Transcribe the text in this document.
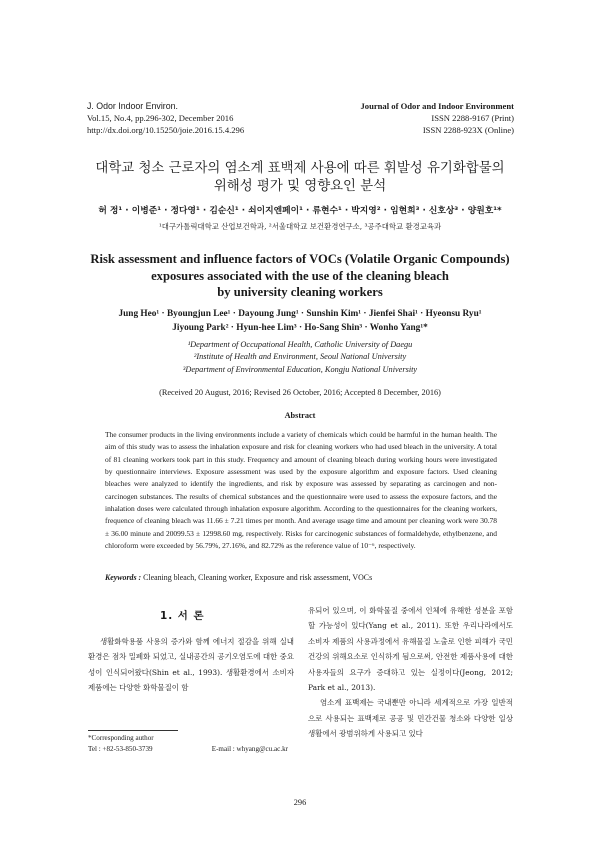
J. Odor Indoor Environ.
Vol.15, No.4, pp.296-302, December 2016
http://dx.doi.org/10.15250/joie.2016.15.4.296
Journal of Odor and Indoor Environment
ISSN 2288-9167 (Print)
ISSN 2288-923X (Online)
대학교 청소 근로자의 염소계 표백제 사용에 따른 휘발성 유기화합물의
위해성 평가 및 영향요인 분석
허 정¹ · 이병준¹ · 정다영¹ · 김순신¹ · 쇠이지엔페이¹ · 류현수¹ · 박지영² · 임현희³ · 신호상³ · 양원호¹*
¹대구가톨릭대학교 산업보건학과, ²서울대학교 보건환경연구소, ³공주대학교 환경교육과
Risk assessment and influence factors of VOCs (Volatile Organic Compounds)
exposures associated with the use of the cleaning bleach
by university cleaning workers
Jung Heo¹ · Byoungjun Lee¹ · Dayoung Jung¹ · Sunshin Kim¹ · Jienfei Shai¹ · Hyeonsu Ryu¹
Jiyoung Park² · Hyun-hee Lim³ · Ho-Sang Shin³ · Wonho Yang¹*
¹Department of Occupational Health, Catholic University of Daegu
²Institute of Health and Environment, Seoul National University
³Department of Environmental Education, Kongju National University
(Received 20 August, 2016; Revised 26 October, 2016; Accepted 8 December, 2016)
Abstract
The consumer products in the living environments include a variety of chemicals which could be harmful in the human health. The aim of this study was to assess the inhalation exposure and risk for cleaning workers who had used bleach in the university. A total of 81 cleaning workers took part in this study. Frequency and amount of cleaning bleach during working hours were investigated by questionnaire interviews. Exposure assessment was used by the exposure algorithm and exposure factors. Used cleaning bleaches were analyzed to identify the ingredients, and risk by exposure was assessed by separating as carcinogen and non-carcinogen substances. The results of chemical substances and the questionnaire were used to assess the exposure factors, and the inhalation doses were calculated through inhalation exposure algorithm. According to the questionnaires for the cleaning workers, frequence of cleaning bleach was 11.66 ± 7.21 times per month. And average usage time and amount per cleaning work were 30.78 ± 36.00 minute and 20099.53 ± 12998.60 mg, respectively. Risks for carcinogenic substances of formaldehyde, ethylbenzene, and chloroform were exceeded by 56.79%, 27.16%, and 82.72% as the reference value of 10⁻⁶, respectively.
Keywords : Cleaning bleach, Cleaning worker, Exposure and risk assessment, VOCs
1. 서 론

생활화학용품 사용의 증가와 함께 에너지 절감을 위해 실내환경은 점차 밀폐화 되었고, 실내공간의 공기오염도에 대한 중요성이 인식되어왔다(Shin et al., 1993). 생활환경에서 소비자 제품에는 다양한 화학물질이 함

유되어 있으며, 이 화학물질 중에서 인체에 유해한 성분을 포함할 가능성이 있다(Yang et al., 2011). 또한 우리나라에서도 소비자 제품의 사용과정에서 유해물질 노출로 인한 피해가 국민건강의 위해요소로 인식하게 됨으로써, 안전한 제품사용에 대한 사용자들의 요구가 증대하고 있는 실정이다(Jeong, 2012; Park et al., 2013).

염소계 표백제는 국내뿐만 아니라 세계적으로 가장 일반적으로 사용되는 표백제로 공공 및 민간건물 청소와 다양한 일상생활에서 광범위하게 사용되고 있다

*Corresponding author
Tel : +82-53-850-3739	E-mail : whyang@cu.ac.kr
296
